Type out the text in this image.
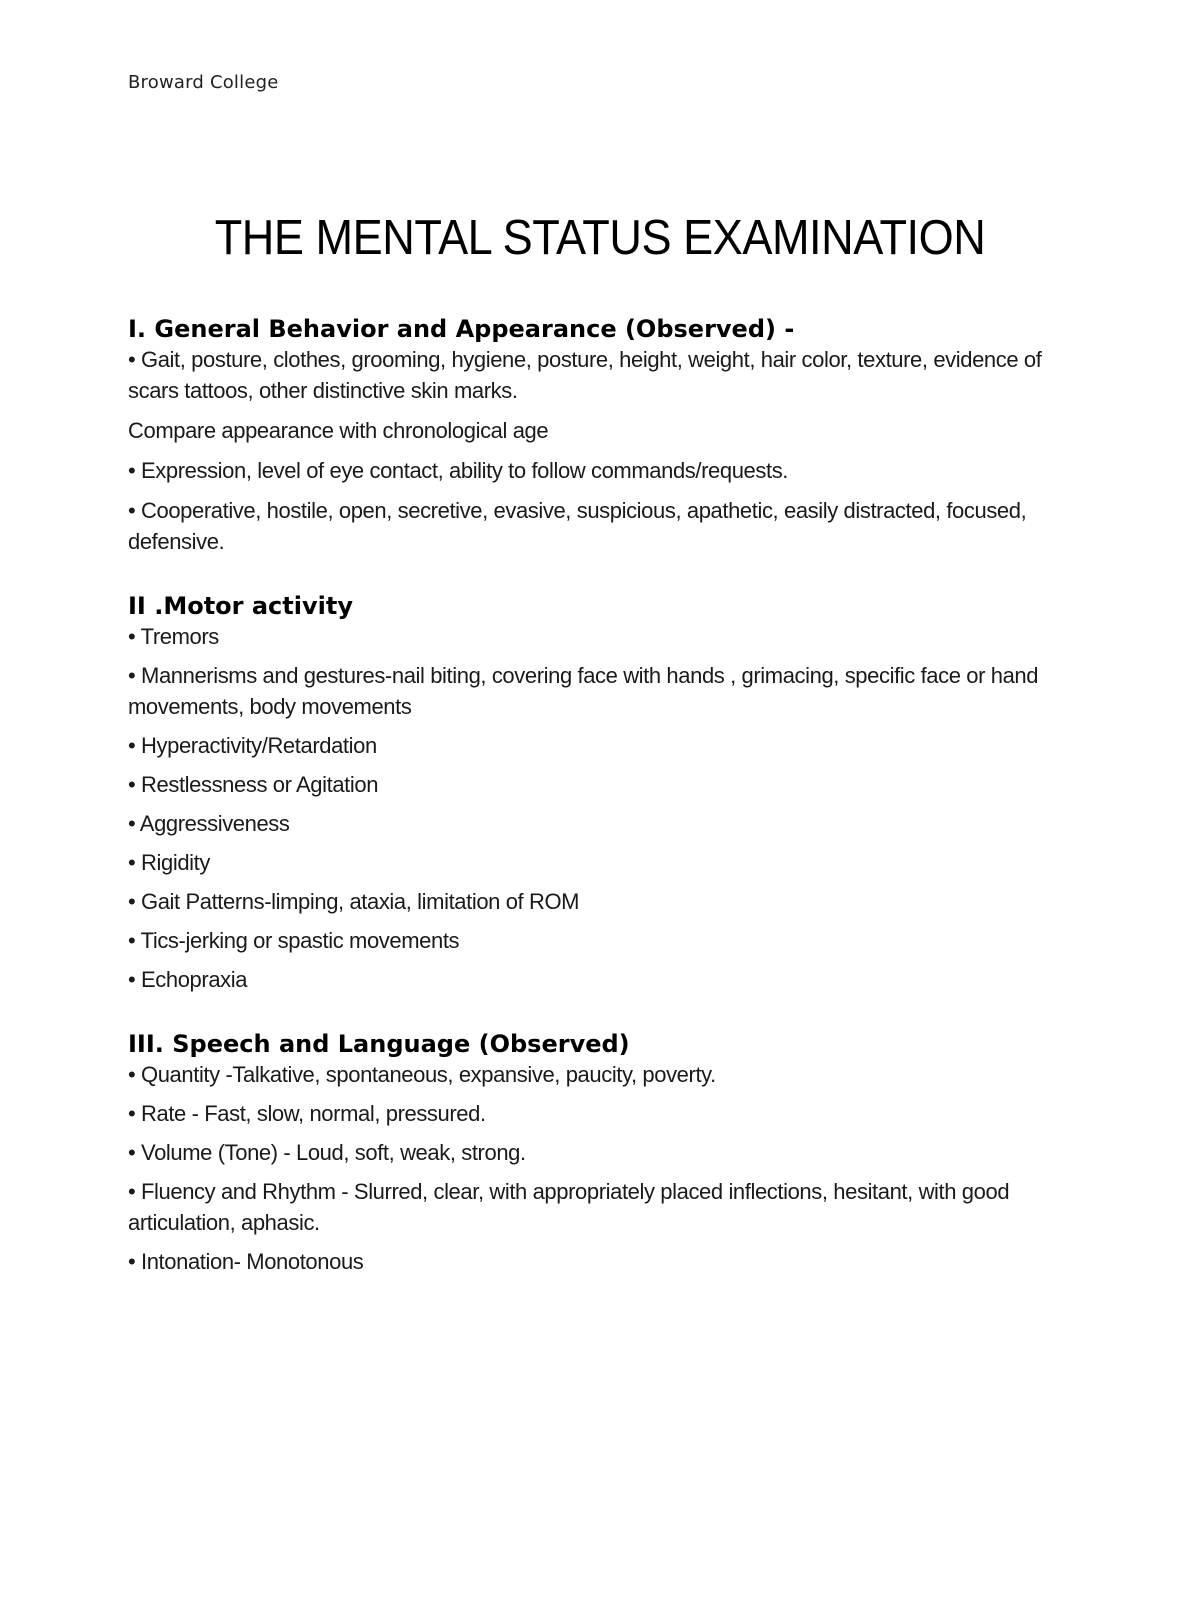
Broward College
THE MENTAL STATUS EXAMINATION

I. General Behavior and Appearance (Observed) -

• Gait, posture, clothes, grooming, hygiene, posture, height, weight, hair color, texture, evidence of scars tattoos, other distinctive skin marks.

Compare appearance with chronological age

• Expression, level of eye contact, ability to follow commands/requests.

• Cooperative, hostile, open, secretive, evasive, suspicious, apathetic, easily distracted, focused, defensive.

II .Motor activity

• Tremors

• Mannerisms and gestures-nail biting, covering face with hands , grimacing, specific face or hand movements, body movements

• Hyperactivity/Retardation

• Restlessness or Agitation

• Aggressiveness

• Rigidity

• Gait Patterns-limping, ataxia, limitation of ROM

• Tics-jerking or spastic movements

• Echopraxia

III. Speech and Language (Observed)

• Quantity -Talkative, spontaneous, expansive, paucity, poverty.

• Rate - Fast, slow, normal, pressured.

• Volume (Tone) - Loud, soft, weak, strong.

• Fluency and Rhythm - Slurred, clear, with appropriately placed inflections, hesitant, with good articulation, aphasic.

• Intonation- Monotonous
